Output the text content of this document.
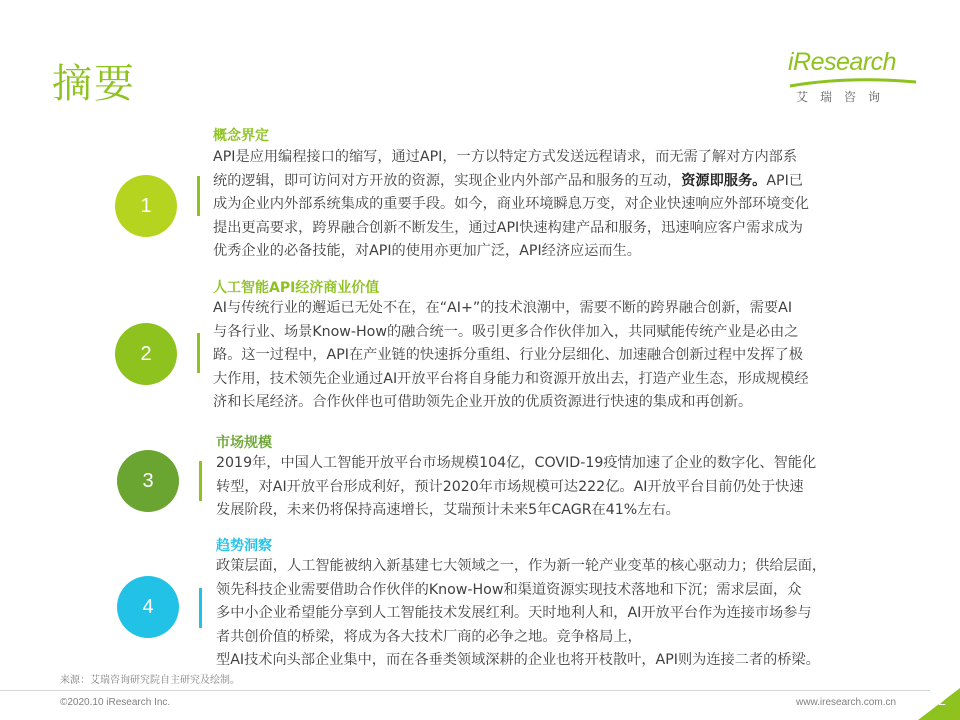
摘要	iResearch
艾瑞咨询
1
概念界定
API是应用编程接口的缩写，通过API，一方以特定方式发送远程请求，而无需了解对方内部系
统的逻辑，即可访问对方开放的资源，实现企业内外部产品和服务的互动，资源即服务。API已
成为企业内外部系统集成的重要手段。如今，商业环境瞬息万变，对企业快速响应外部环境变化
提出更高要求，跨界融合创新不断发生，通过API快速构建产品和服务，迅速响应客户需求成为
优秀企业的必备技能，对API的使用亦更加广泛，API经济应运而生。
2
人工智能API经济商业价值
AI与传统行业的邂逅已无处不在，在“AI+”的技术浪潮中，需要不断的跨界融合创新，需要AI
与各行业、场景Know-How的融合统一。吸引更多合作伙伴加入，共同赋能传统产业是必由之
路。这一过程中，API在产业链的快速拆分重组、行业分层细化、加速融合创新过程中发挥了极
大作用，技术领先企业通过AI开放平台将自身能力和资源开放出去，打造产业生态，形成规模经
济和长尾经济。合作伙伴也可借助领先企业开放的优质资源进行快速的集成和再创新。
3
市场规模
2019年，中国人工智能开放平台市场规模104亿，COVID-19疫情加速了企业的数字化、智能化
转型，对AI开放平台形成利好，预计2020年市场规模可达222亿。AI开放平台目前仍处于快速
发展阶段，未来仍将保持高速增长，艾瑞预计未来5年CAGR在41%左右。
4
趋势洞察
政策层面，人工智能被纳入新基建七大领域之一，作为新一轮产业变革的核心驱动力；供给层面，
领先科技企业需要借助合作伙伴的Know-How和渠道资源实现技术落地和下沉；需求层面，众
多中小企业希望能分享到人工智能技术发展红利。天时地利人和，AI开放平台作为连接市场参与
者共创价值的桥梁，将成为各大技术厂商的必争之地。竞争格局上，
型AI技术向头部企业集中，而在各垂类领域深耕的企业也将开枝散叶，API则为连接二者的桥梁。
来源：艾瑞咨询研究院自主研究及绘制。
©2020.10 iResearch Inc.	www.iresearch.com.cn	2
